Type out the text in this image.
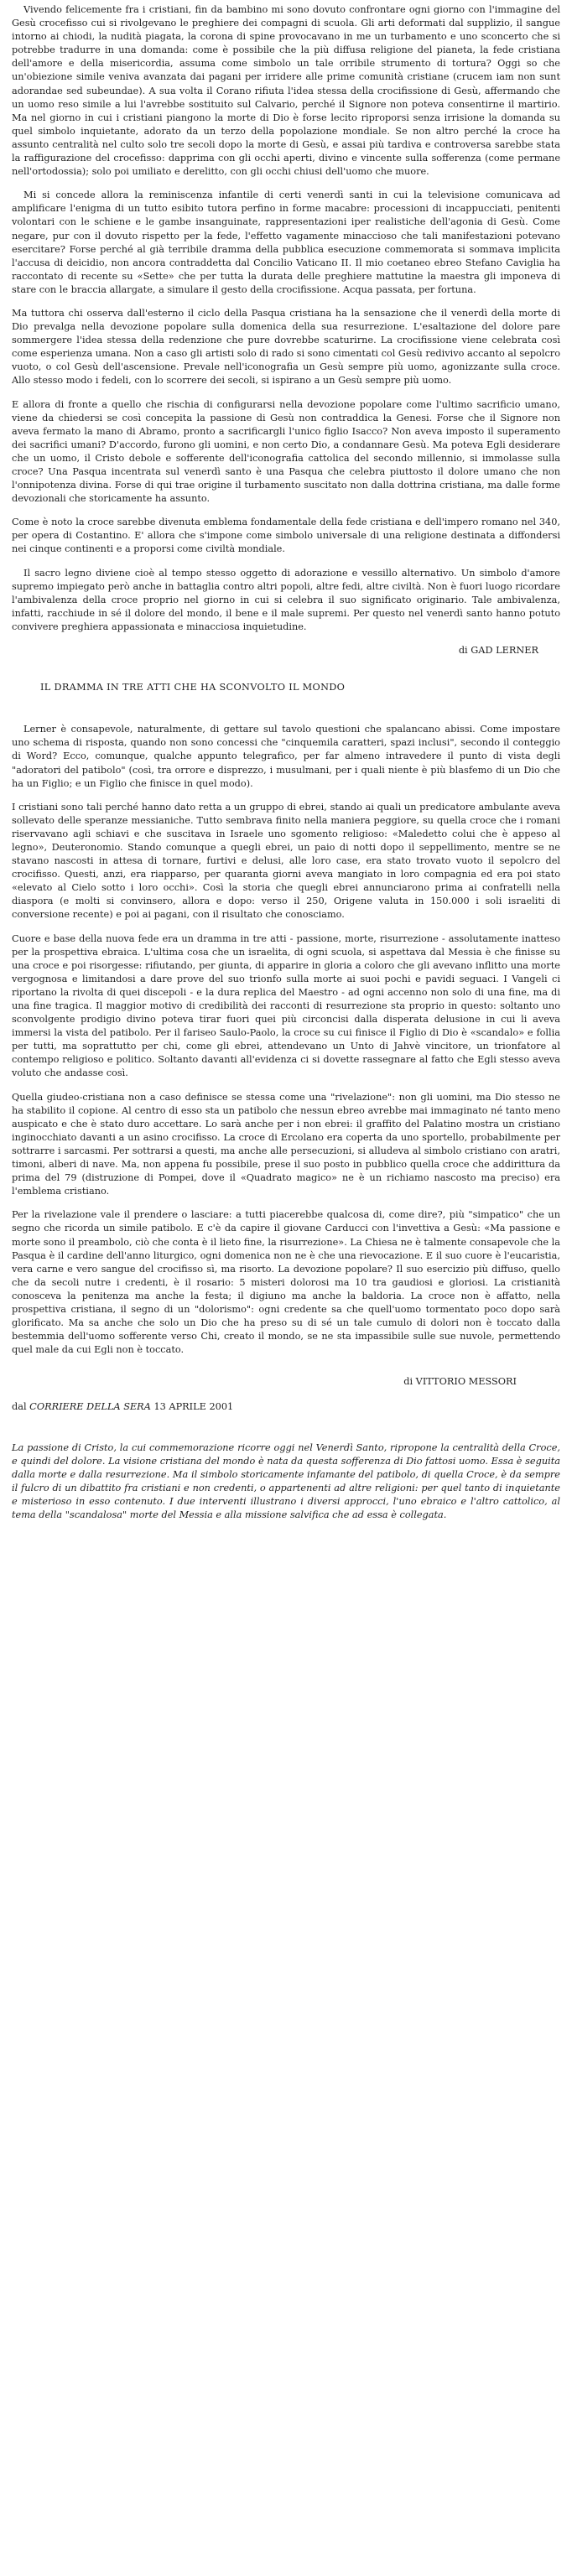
Vivendo felicemente fra i cristiani, fin da bambino mi sono dovuto confrontare ogni giorno con l'immagine del Gesù crocefisso cui si rivolgevano le preghiere dei compagni di scuola. Gli arti deformati dal supplizio, il sangue intorno ai chiodi, la nudità piagata, la corona di spine provocavano in me un turbamento e uno sconcerto che si potrebbe tradurre in una domanda: come è possibile che la più diffusa religione del pianeta, la fede cristiana dell'amore e della misericordia, assuma come simbolo un tale orribile strumento di tortura? Oggi so che un'obiezione simile veniva avanzata dai pagani per irridere alle prime comunità cristiane (crucem iam non sunt adorandae sed subeundae). A sua volta il Corano rifiuta l'idea stessa della crocifissione di Gesù, affermando che un uomo reso simile a lui l'avrebbe sostituito sul Calvario, perché il Signore non poteva consentirne il martirio. Ma nel giorno in cui i cristiani piangono la morte di Dio è forse lecito riproporsi senza irrisione la domanda su quel simbolo inquietante, adorato da un terzo della popolazione mondiale. Se non altro perché la croce ha assunto centralità nel culto solo tre secoli dopo la morte di Gesù, e assai più tardiva e controversa sarebbe stata la raffigurazione del crocefisso: dapprima con gli occhi aperti, divino e vincente sulla sofferenza (come permane nell'ortodossia); solo poi umiliato e derelitto, con gli occhi chiusi dell'uomo che muore.

Mi si concede allora la reminiscenza infantile di certi venerdì santi in cui la televisione comunicava ad amplificare l'enigma di un tutto esibito tutora perfino in forme macabre: processioni di incappucciati, penitenti volontari con le schiene e le gambe insanguinate, rappresentazioni iper realistiche dell'agonia di Gesù. Come negare, pur con il dovuto rispetto per la fede, l'effetto vagamente minaccioso che tali manifestazioni potevano esercitare? Forse perché al già terribile dramma della pubblica esecuzione commemorata si sommava implicita l'accusa di deicidio, non ancora contraddetta dal Concilio Vaticano II. Il mio coetaneo ebreo Stefano Caviglia ha raccontato di recente su «Sette» che per tutta la durata delle preghiere mattutine la maestra gli imponeva di stare con le braccia allargate, a simulare il gesto della crocifissione. Acqua passata, per fortuna.

Ma tuttora chi osserva dall'esterno il ciclo della Pasqua cristiana ha la sensazione che il venerdì della morte di Dio prevalga nella devozione popolare sulla domenica della sua resurrezione. L'esaltazione del dolore pare sommergere l'idea stessa della redenzione che pure dovrebbe scaturirne. La crocifissione viene celebrata così come esperienza umana. Non a caso gli artisti solo di rado si sono cimentati col Gesù redivivo accanto al sepolcro vuoto, o col Gesù dell'ascensione. Prevale nell'iconografia un Gesù sempre più uomo, agonizzante sulla croce. Allo stesso modo i fedeli, con lo scorrere dei secoli, si ispirano a un Gesù sempre più uomo.

E allora di fronte a quello che rischia di configurarsi nella devozione popolare come l'ultimo sacrificio umano, viene da chiedersi se così concepita la passione di Gesù non contraddica la Genesi. Forse che il Signore non aveva fermato la mano di Abramo, pronto a sacrificargli l'unico figlio Isacco? Non aveva imposto il superamento dei sacrifici umani? D'accordo, furono gli uomini, e non certo Dio, a condannare Gesù. Ma poteva Egli desiderare che un uomo, il Cristo debole e sofferente dell'iconografia cattolica del secondo millennio, si immolasse sulla croce? Una Pasqua incentrata sul venerdì santo è una Pasqua che celebra piuttosto il dolore umano che non l'onnipotenza divina. Forse di qui trae origine il turbamento suscitato non dalla dottrina cristiana, ma dalle forme devozionali che storicamente ha assunto.

Come è noto la croce sarebbe divenuta emblema fondamentale della fede cristiana e dell'impero romano nel 340, per opera di Costantino. E' allora che s'impone come simbolo universale di una religione destinata a diffondersi nei cinque continenti e a proporsi come civiltà mondiale.

Il sacro legno diviene cioè al tempo stesso oggetto di adorazione e vessillo alternativo. Un simbolo d'amore supremo impiegato però anche in battaglia contro altri popoli, altre fedi, altre civiltà. Non è fuori luogo ricordare l'ambivalenza della croce proprio nel giorno in cui si celebra il suo significato originario. Tale ambivalenza, infatti, racchiude in sé il dolore del mondo, il bene e il male supremi. Per questo nel venerdì santo hanno potuto convivere preghiera appassionata e minacciosa inquietudine.

di GAD LERNER

IL DRAMMA IN TRE ATTI CHE HA SCONVOLTO IL MONDO

Lerner è consapevole, naturalmente, di gettare sul tavolo questioni che spalancano abissi. Come impostare uno schema di risposta, quando non sono concessi che "cinquemila caratteri, spazi inclusi", secondo il conteggio di Word? Ecco, comunque, qualche appunto telegrafico, per far almeno intravedere il punto di vista degli "adoratori del patibolo" (così, tra orrore e disprezzo, i musulmani, per i quali niente è più blasfemo di un Dio che ha un Figlio; e un Figlio che finisce in quel modo).

I cristiani sono tali perché hanno dato retta a un gruppo di ebrei, stando ai quali un predicatore ambulante aveva sollevato delle speranze messianiche. Tutto sembrava finito nella maniera peggiore, su quella croce che i romani riservavano agli schiavi e che suscitava in Israele uno sgomento religioso: «Maledetto colui che è appeso al legno», Deuteronomio. Stando comunque a quegli ebrei, un paio di notti dopo il seppellimento, mentre se ne stavano nascosti in attesa di tornare, furtivi e delusi, alle loro case, era stato trovato vuoto il sepolcro del crocifisso. Questi, anzi, era riapparso, per quaranta giorni aveva mangiato in loro compagnia ed era poi stato «elevato al Cielo sotto i loro occhi». Così la storia che quegli ebrei annunciarono prima ai confratelli nella diaspora (e molti si convinsero, allora e dopo: verso il 250, Origene valuta in 150.000 i soli israeliti di conversione recente) e poi ai pagani, con il risultato che conosciamo.

Cuore e base della nuova fede era un dramma in tre atti - passione, morte, risurrezione - assolutamente inatteso per la prospettiva ebraica. L'ultima cosa che un israelita, di ogni scuola, si aspettava dal Messia è che finisse su una croce e poi risorgesse: rifiutando, per giunta, di apparire in gloria a coloro che gli avevano inflitto una morte vergognosa e limitandosi a dare prove del suo trionfo sulla morte ai suoi pochi e pavidi seguaci. I Vangeli ci riportano la rivolta di quei discepoli - e la dura replica del Maestro - ad ogni accenno non solo di una fine, ma di una fine tragica. Il maggior motivo di credibilità dei racconti di resurrezione sta proprio in questo: soltanto uno sconvolgente prodigio divino poteva tirar fuori quei più circoncisi dalla disperata delusione in cui li aveva immersi la vista del patibolo. Per il fariseo Saulo-Paolo, la croce su cui finisce il Figlio di Dio è «scandalo» e follia per tutti, ma soprattutto per chi, come gli ebrei, attendevano un Unto di Jahvè vincitore, un trionfatore al contempo religioso e politico. Soltanto davanti all'evidenza ci si dovette rassegnare al fatto che Egli stesso aveva voluto che andasse così.

Quella giudeo-cristiana non a caso definisce se stessa come una "rivelazione": non gli uomini, ma Dio stesso ne ha stabilito il copione. Al centro di esso sta un patibolo che nessun ebreo avrebbe mai immaginato né tanto meno auspicato e che è stato duro accettare. Lo sarà anche per i non ebrei: il graffito del Palatino mostra un cristiano inginocchiato davanti a un asino crocifisso. La croce di Ercolano era coperta da uno sportello, probabilmente per sottrarre i sarcasmi. Per sottrarsi a questi, ma anche alle persecuzioni, si alludeva al simbolo cristiano con aratri, timoni, alberi di nave. Ma, non appena fu possibile, prese il suo posto in pubblico quella croce che addirittura da prima del 79 (distruzione di Pompei, dove il «Quadrato magico» ne è un richiamo nascosto ma preciso) era l'emblema cristiano.

Per la rivelazione vale il prendere o lasciare: a tutti piacerebbe qualcosa di, come dire?, più "simpatico" che un segno che ricorda un simile patibolo. E c'è da capire il giovane Carducci con l'invettiva a Gesù: «Ma passione e morte sono il preambolo, ciò che conta è il lieto fine, la risurrezione». La Chiesa ne è talmente consapevole che la Pasqua è il cardine dell'anno liturgico, ogni domenica non ne è che una rievocazione. E il suo cuore è l'eucaristia, vera carne e vero sangue del crocifisso sì, ma risorto. La devozione popolare? Il suo esercizio più diffuso, quello che da secoli nutre i credenti, è il rosario: 5 misteri dolorosi ma 10 tra gaudiosi e gloriosi. La cristianità conosceva la penitenza ma anche la festa; il digiuno ma anche la baldoria. La croce non è affatto, nella prospettiva cristiana, il segno di un "dolorismo": ogni credente sa che quell'uomo tormentato poco dopo sarà glorificato. Ma sa anche che solo un Dio che ha preso su di sé un tale cumulo di dolori non è toccato dalla bestemmia dell'uomo sofferente verso Chi, creato il mondo, se ne sta impassibile sulle sue nuvole, permettendo quel male da cui Egli non è toccato.

di VITTORIO MESSORI

dal CORRIERE DELLA SERA 13 APRILE 2001

La passione di Cristo, la cui commemorazione ricorre oggi nel Venerdì Santo, ripropone la centralità della Croce, e quindi del dolore. La visione cristiana del mondo è nata da questa sofferenza di Dio fattosi uomo. Essa è seguita dalla morte e dalla resurrezione. Ma il simbolo storicamente infamante del patibolo, di quella Croce, è da sempre il fulcro di un dibattito fra cristiani e non credenti, o appartenenti ad altre religioni: per quel tanto di inquietante e misterioso in esso contenuto. I due interventi illustrano i diversi approcci, l'uno ebraico e l'altro cattolico, al tema della "scandalosa" morte del Messia e alla missione salvifica che ad essa è collegata.
